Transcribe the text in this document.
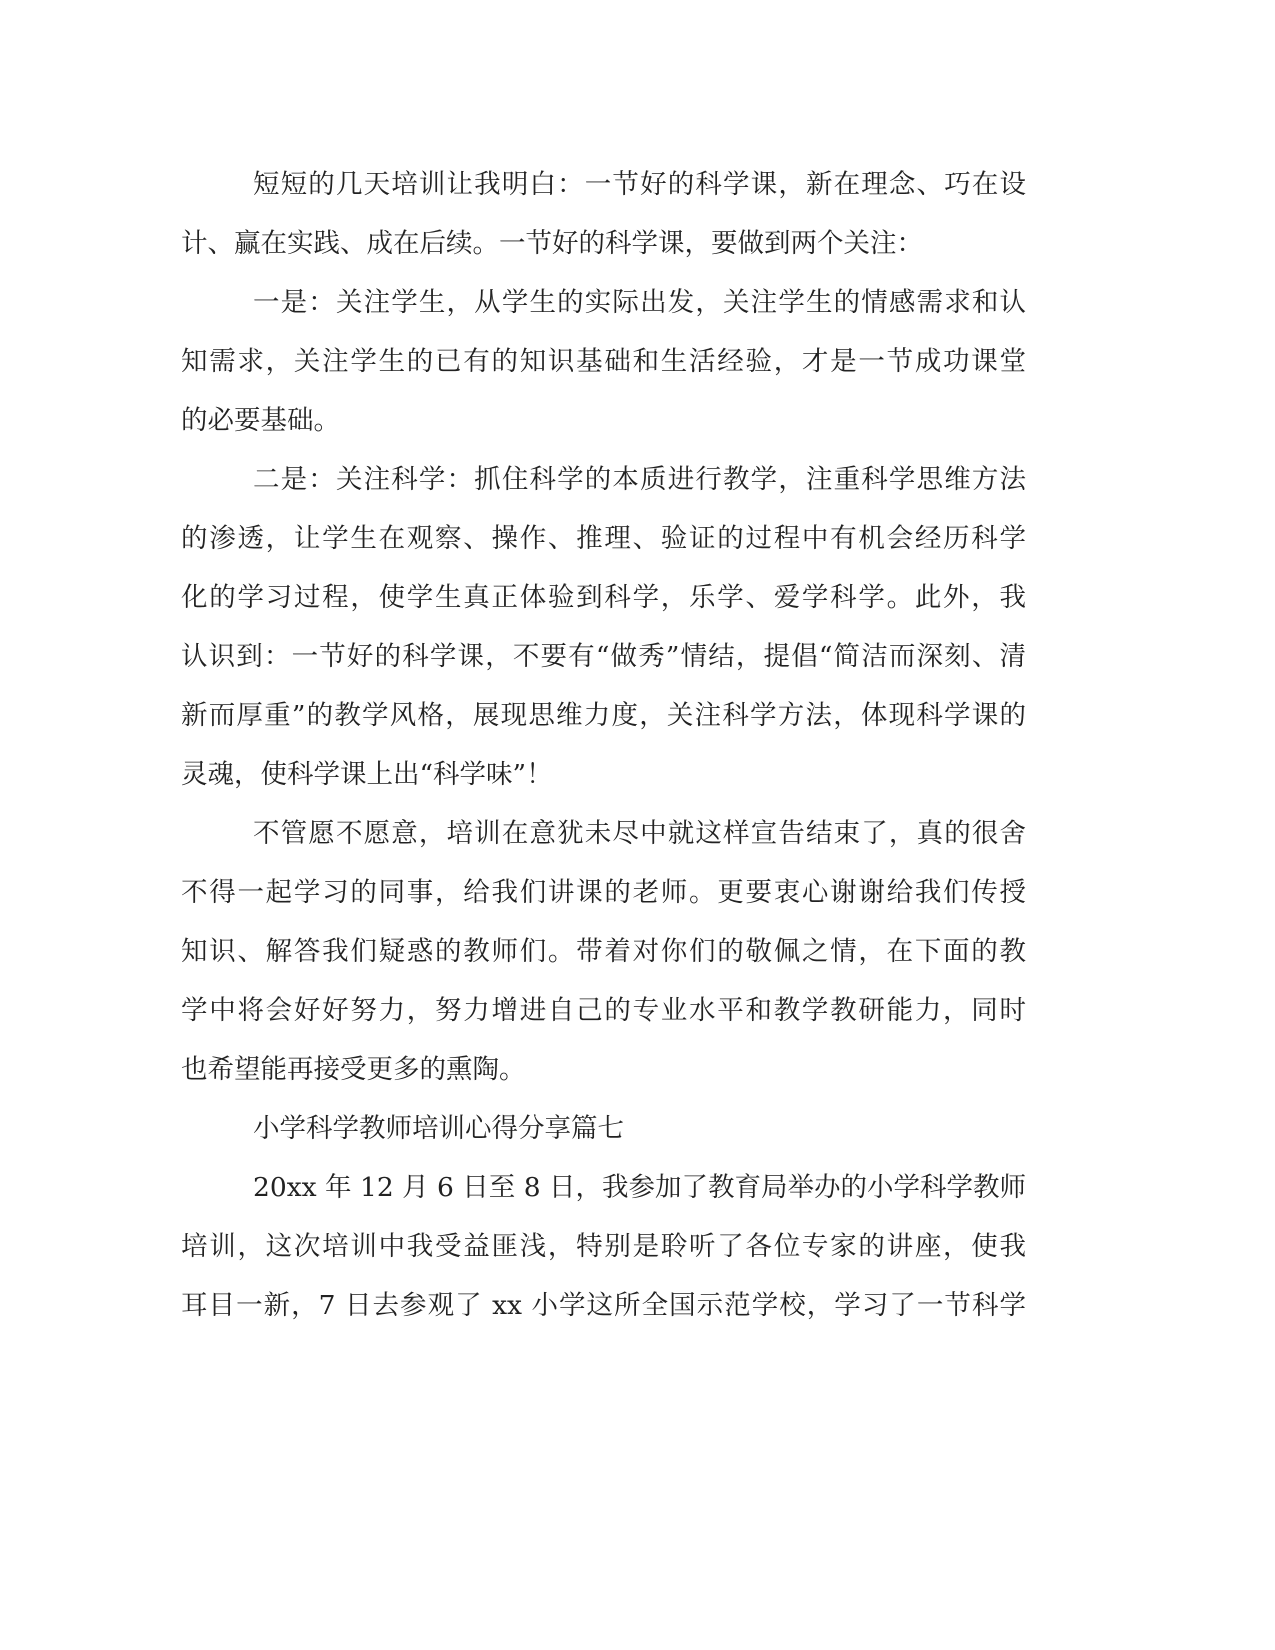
短短的几天培训让我明白：一节好的科学课，新在理念、巧在设
计、赢在实践、成在后续。一节好的科学课，要做到两个关注：
一是：关注学生，从学生的实际出发，关注学生的情感需求和认
知需求，关注学生的已有的知识基础和生活经验，才是一节成功课堂
的必要基础。
二是：关注科学：抓住科学的本质进行教学，注重科学思维方法
的渗透，让学生在观察、操作、推理、验证的过程中有机会经历科学
化的学习过程，使学生真正体验到科学，乐学、爱学科学。此外，我
认识到：一节好的科学课，不要有“做秀”情结，提倡“简洁而深刻、清
新而厚重”的教学风格，展现思维力度，关注科学方法，体现科学课的
灵魂，使科学课上出“科学味”！
不管愿不愿意，培训在意犹未尽中就这样宣告结束了，真的很舍
不得一起学习的同事，给我们讲课的老师。更要衷心谢谢给我们传授
知识、解答我们疑惑的教师们。带着对你们的敬佩之情，在下面的教
学中将会好好努力，努力增进自己的专业水平和教学教研能力，同时
也希望能再接受更多的熏陶。
小学科学教师培训心得分享篇七
20xx 年 12 月 6 日至 8 日，我参加了教育局举办的小学科学教师
培训，这次培训中我受益匪浅，特别是聆听了各位专家的讲座，使我
耳目一新，7 日去参观了 xx 小学这所全国示范学校，学习了一节科学
